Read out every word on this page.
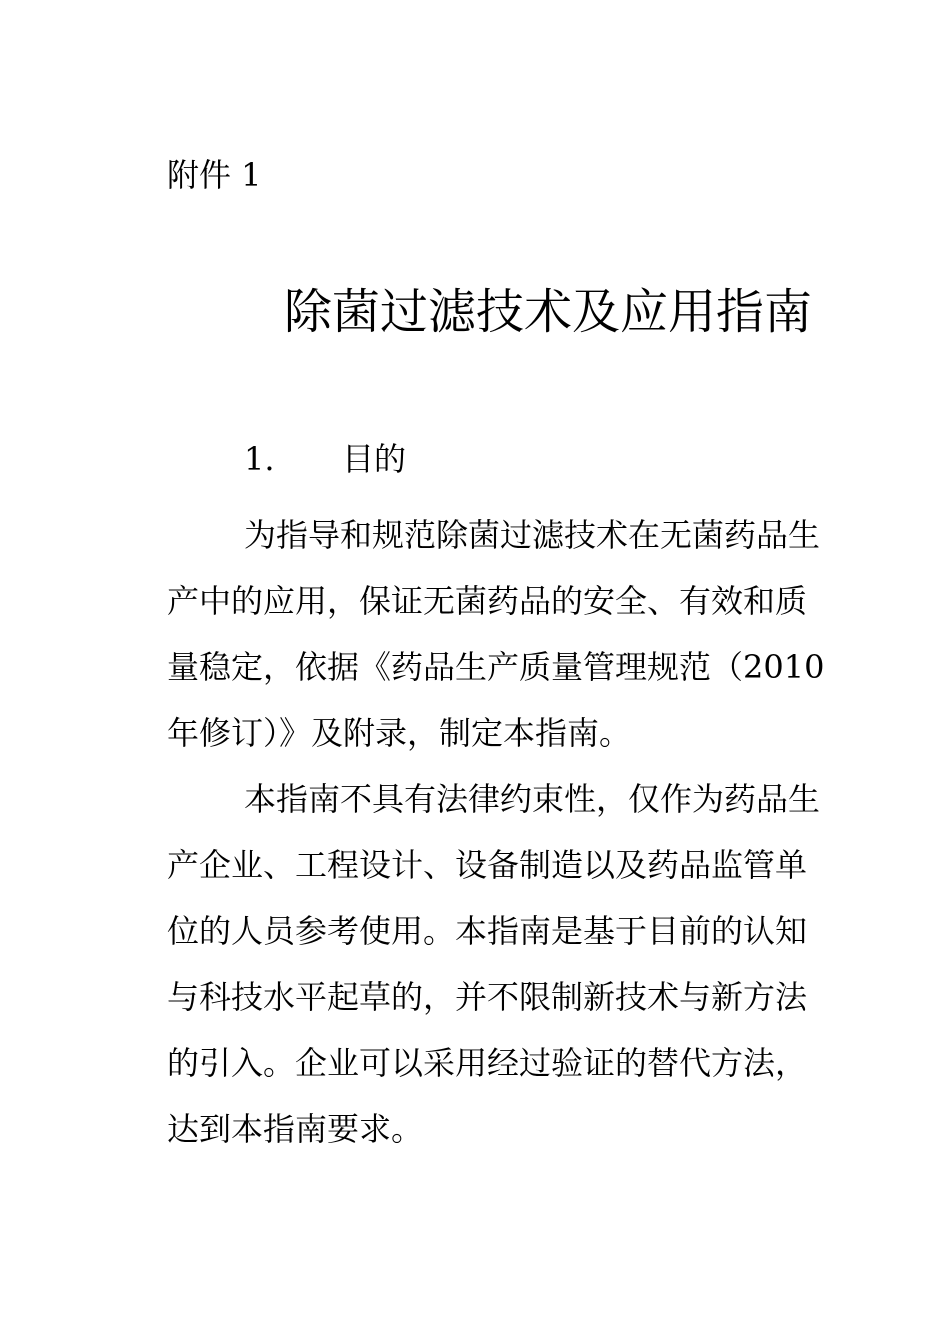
附件 1
除菌过滤技术及应用指南
1. 目的
为指导和规范除菌过滤技术在无菌药品生
产中的应用，保证无菌药品的安全、有效和质
量稳定，依据《药品生产质量管理规范（2010
年修订）》及附录，制定本指南。
本指南不具有法律约束性，仅作为药品生
产企业、工程设计、设备制造以及药品监管单
位的人员参考使用。本指南是基于目前的认知
与科技水平起草的，并不限制新技术与新方法
的引入。企业可以采用经过验证的替代方法，
达到本指南要求。
